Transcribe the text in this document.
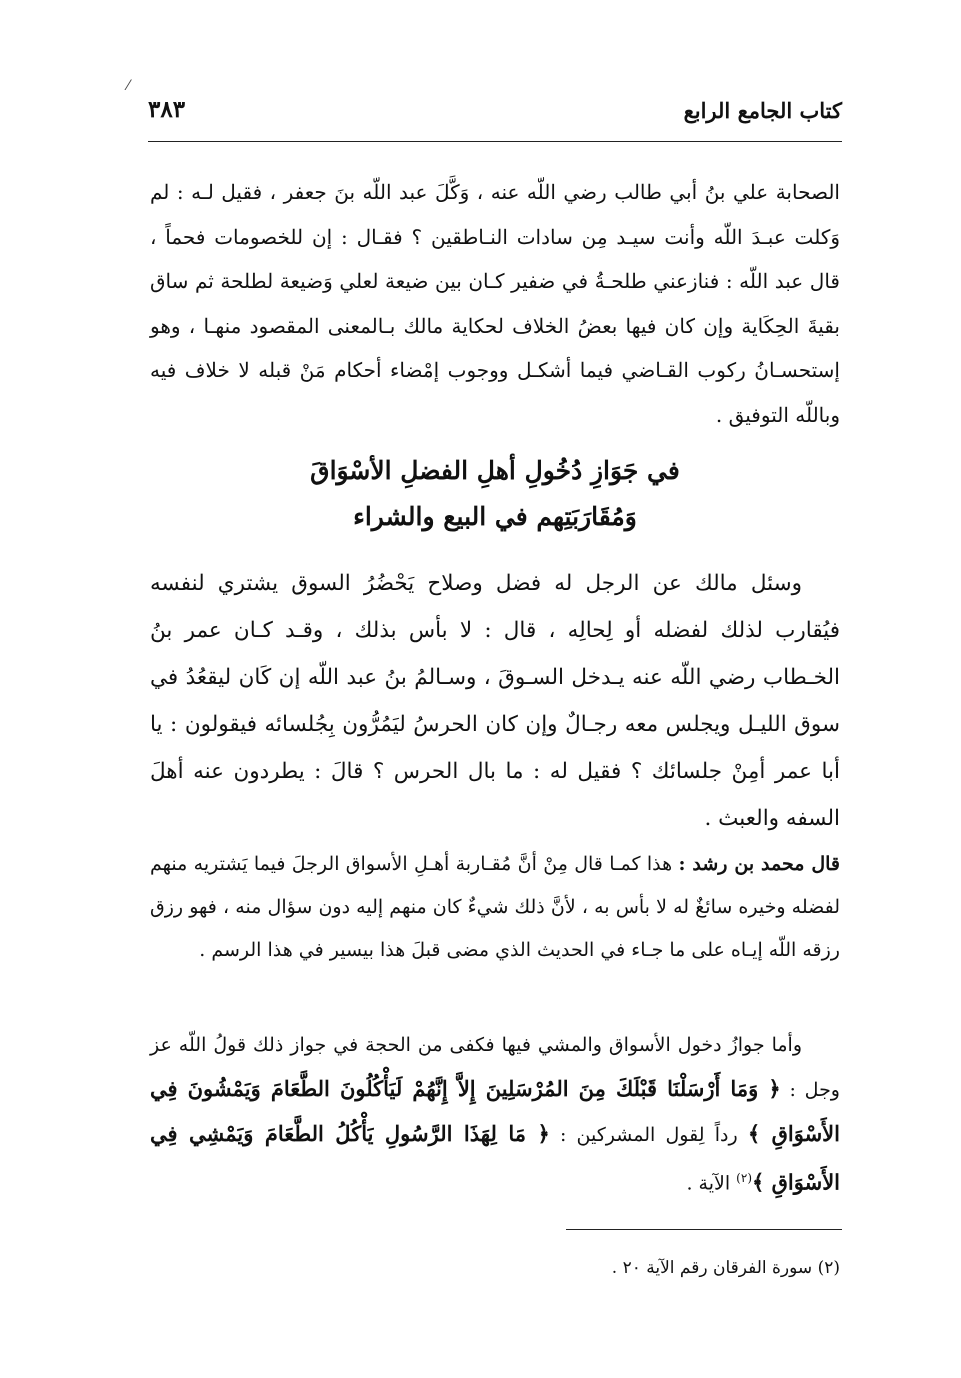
⁄
كتاب الجامع الرابع
٣٨٣
الصحابة علي بنُ أبي طالب رضي اللّه عنه ، وَكَّلَ عبد اللّه بنَ جعفر ، فقيل لـه : لم وَكلت عبـدَ اللّه وأنت سيـد مِن سادات النـاطقين ؟ فقـال : إن للخصومات فحماً ، قال عبد اللّه : فنازعني طلحـةُ في ضفير كـان بين ضيعة لعلي وَضيعة لطلحة ثم ساق بقيةَ الحِكَاية وإن كان فيها بعضُ الخلاف لحكاية مالك بـالمعنى المقصود منهـا ، وهو إستحسـانُ ركوب القـاضي فيما أشكـل ووجوب إمْضاء أحكام مَنْ قبله لا خلاف فيه وباللّه التوفيق .
في جَوَازِ دُخُولِ أهلِ الفضلِ الأسْوَاقَ
وَمُقَارَبَتِهم في البيع والشراء
وسئل مالك عن الرجل له فضل وصلاح يَحْضُرُ السوق يشتري لنفسه فيُقارب لذلك لفضله أو لِحالِه ، قال : لا بأس بذلك ، وقـد كـان عمر بنُ الخـطاب رضي اللّه عنه يـدخل السـوقَ ، وسـالمُ بنُ عبد اللّه إن كَان ليقعُدُ في سوق الليـل ويجلس معه رجـالٌ وإن كان الحرسُ ليَمُرُّون بِجُلسائه فيقولون : يا أبا عمر أمِنْ جلسائك ؟ فقيل له : ما بال الحرس ؟ قالَ : يطردون عنه أهلَ السفه والعبث .
قال محمد بن رشد : هذا كمـا قال مِنْ أنَّ مُقـاربة أهـلِ الأسواق الرجلَ فيما يَشتريه منهم لفضله وخيره سائغٌ له لا بأس به ، لأنَّ ذلك شيءٌ كان منهم إليه دون سؤال منه ، فهو رزق رزقه اللّه إيـاه على ما جـاء في الحديث الذي مضى قبلَ هذا بيسير في هذا الرسم .
وأما جوازُ دخول الأسواق والمشي فيها فكفى من الحجة في جواز ذلك قولُ اللّه عز وجل : ﴿ وَمَا أَرْسَلْنَا قَبْلَكَ مِنَ المُرْسَلِينَ إِلاَّ إِنَّهُمْ لَيَأْكُلُونَ الطَّعَامَ وَيَمْشُونَ فِي الأَسْوَاقِ ﴾ رداً لِقول المشركين : ﴿ مَا لِهَذَا الرَّسُولِ يَأْكُلُ الطَّعَامَ وَيَمْشِي فِي الأَسْوَاقِ ﴾$^{(٢)}$ الآية .
(٢) سورة الفرقان رقم الآية ٢٠ .
